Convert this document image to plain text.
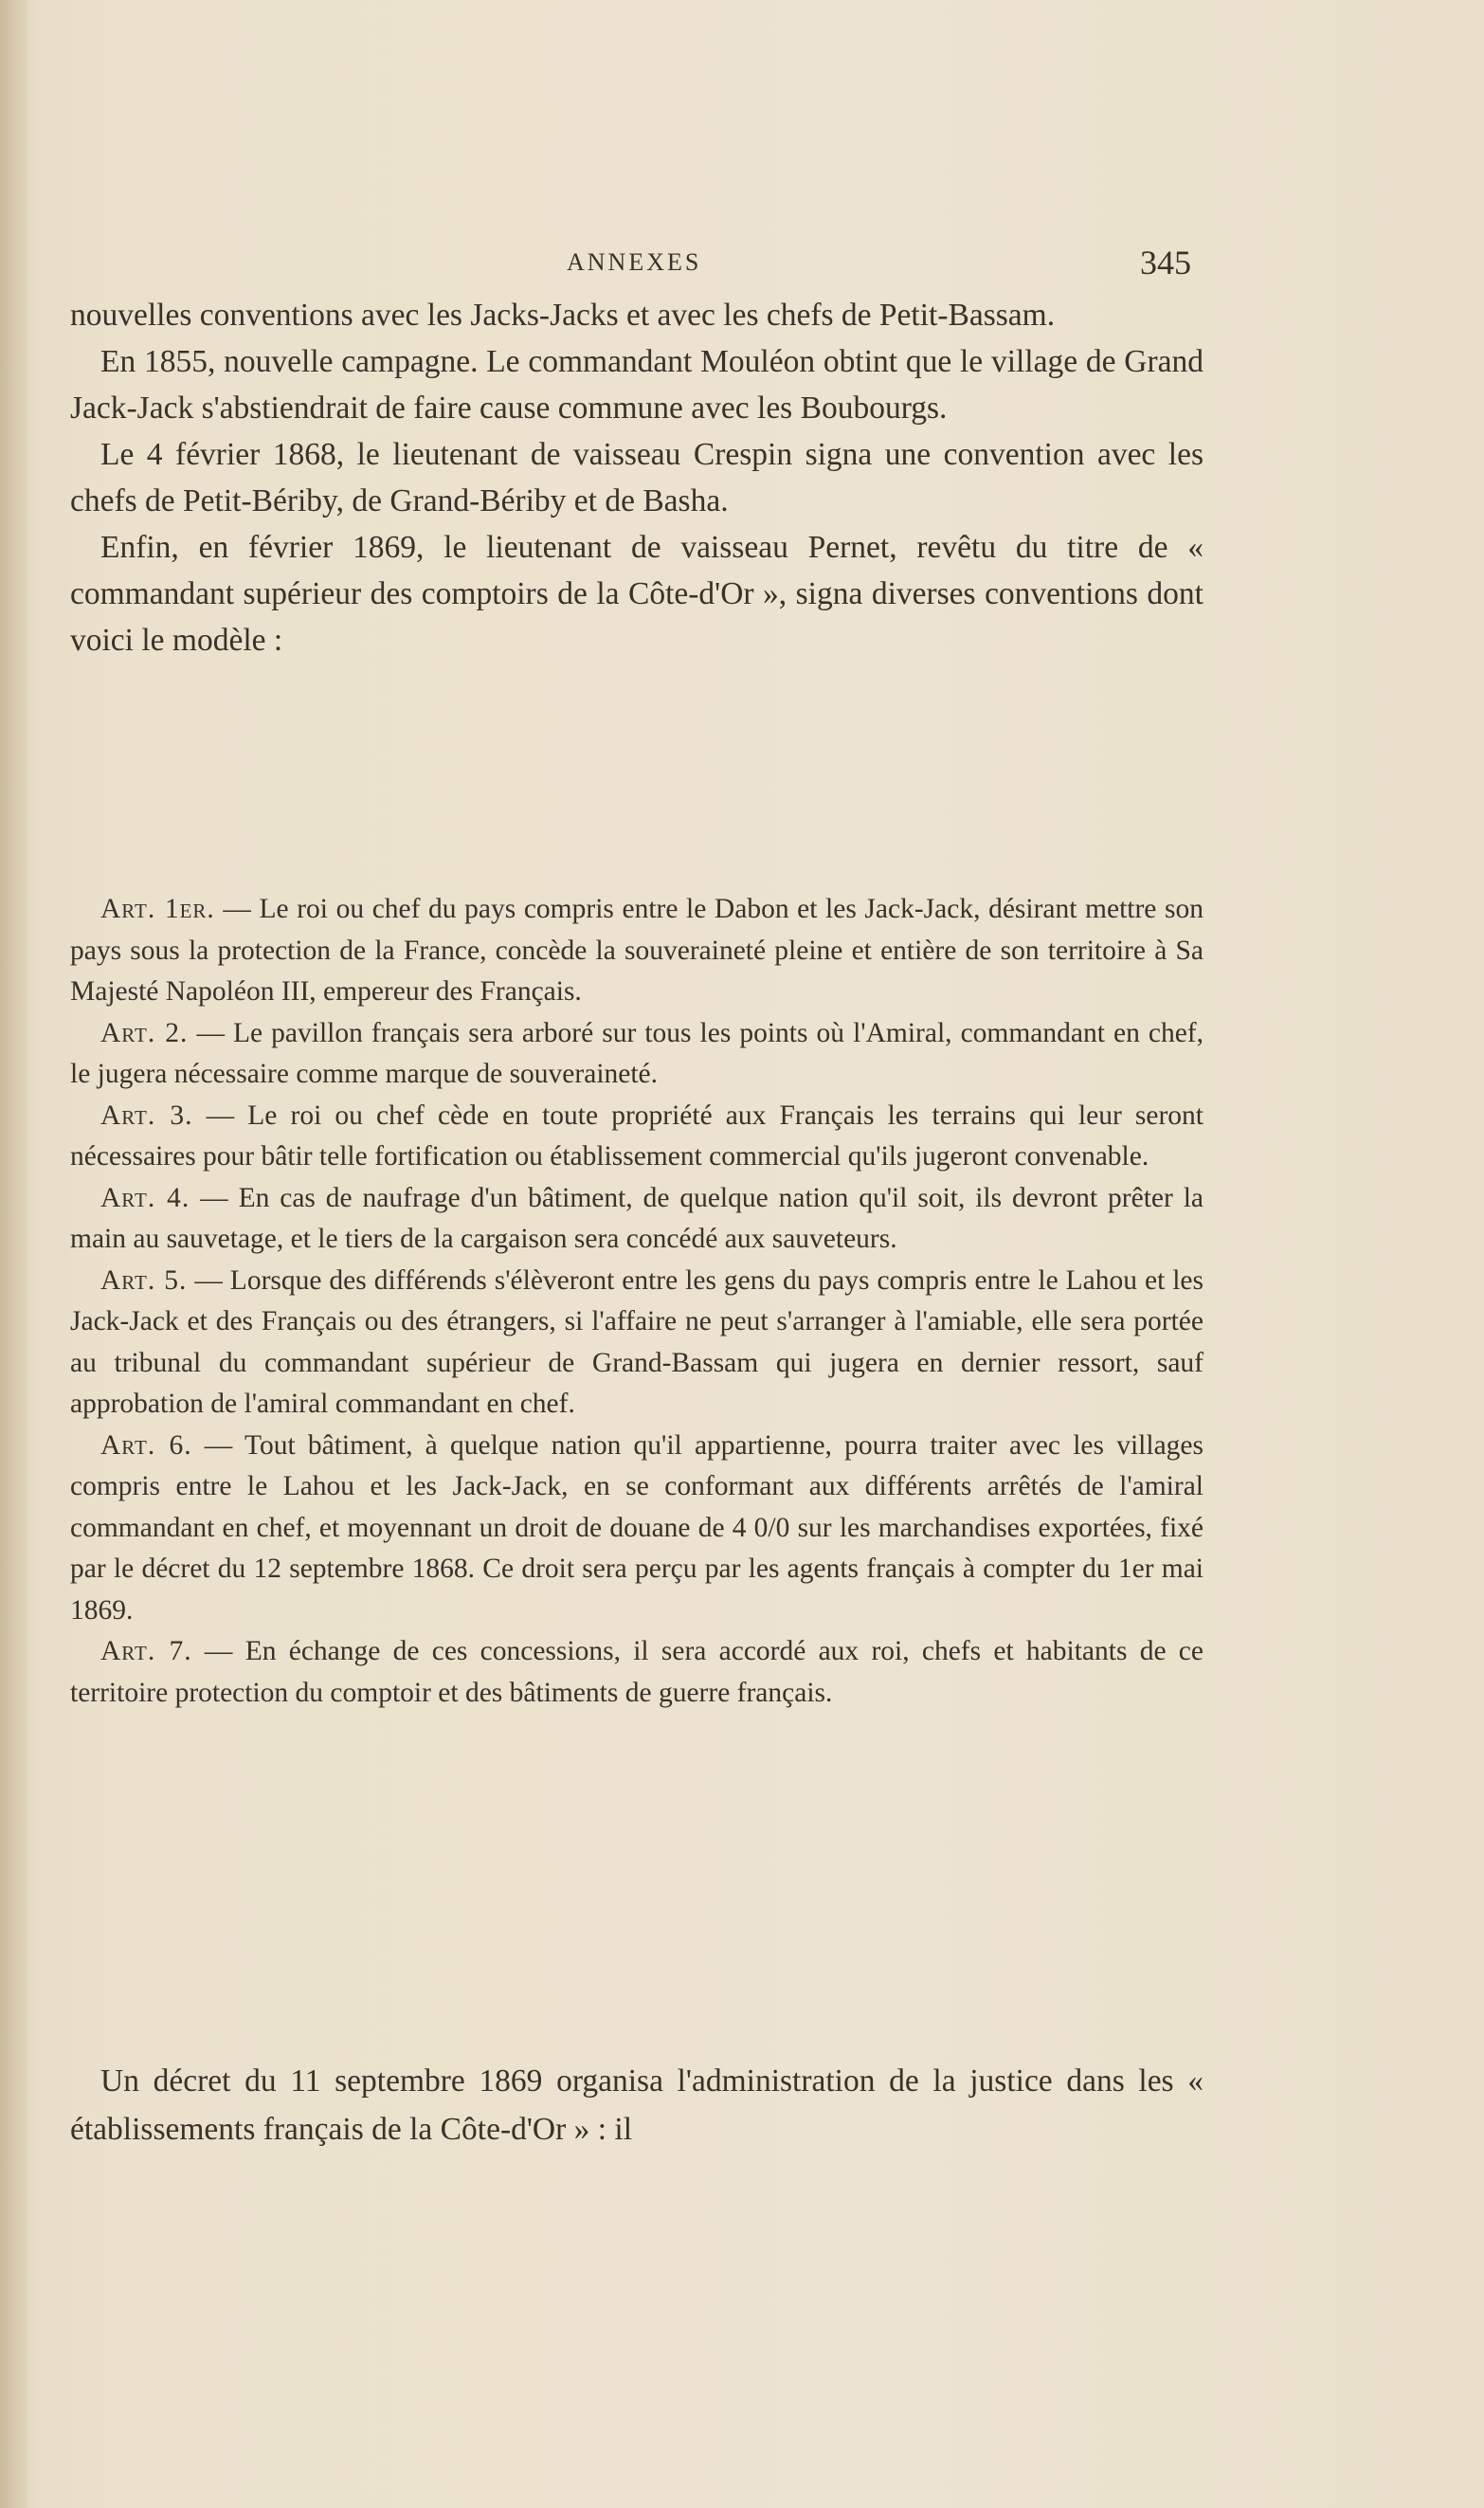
ANNEXES	345

nouvelles conventions avec les Jacks-Jacks et avec les chefs de Petit-Bassam.

En 1855, nouvelle campagne. Le commandant Mouléon obtint que le village de Grand Jack-Jack s'abstiendrait de faire cause commune avec les Boubourgs.

Le 4 février 1868, le lieutenant de vaisseau Crespin signa une convention avec les chefs de Petit-Bériby, de Grand-Bériby et de Basha.

Enfin, en février 1869, le lieutenant de vaisseau Pernet, revêtu du titre de « commandant supérieur des comptoirs de la Côte-d'Or », signa diverses conventions dont voici le modèle :

Art. 1er. — Le roi ou chef du pays compris entre le Dabon et les Jack-Jack, désirant mettre son pays sous la protection de la France, concède la souveraineté pleine et entière de son territoire à Sa Majesté Napoléon III, empereur des Français.

Art. 2. — Le pavillon français sera arboré sur tous les points où l'Amiral, commandant en chef, le jugera nécessaire comme marque de souveraineté.

Art. 3. — Le roi ou chef cède en toute propriété aux Français les terrains qui leur seront nécessaires pour bâtir telle fortification ou établissement commercial qu'ils jugeront convenable.

Art. 4. — En cas de naufrage d'un bâtiment, de quelque nation qu'il soit, ils devront prêter la main au sauvetage, et le tiers de la cargaison sera concédé aux sauveteurs.

Art. 5. — Lorsque des différends s'élèveront entre les gens du pays compris entre le Lahou et les Jack-Jack et des Français ou des étrangers, si l'affaire ne peut s'arranger à l'amiable, elle sera portée au tribunal du commandant supérieur de Grand-Bassam qui jugera en dernier ressort, sauf approbation de l'amiral commandant en chef.

Art. 6. — Tout bâtiment, à quelque nation qu'il appartienne, pourra traiter avec les villages compris entre le Lahou et les Jack-Jack, en se conformant aux différents arrêtés de l'amiral commandant en chef, et moyennant un droit de douane de 4 0/0 sur les marchandises exportées, fixé par le décret du 12 septembre 1868. Ce droit sera perçu par les agents français à compter du 1er mai 1869.

Art. 7. — En échange de ces concessions, il sera accordé aux roi, chefs et habitants de ce territoire protection du comptoir et des bâtiments de guerre français.

Un décret du 11 septembre 1869 organisa l'administration de la justice dans les « établissements français de la Côte-d'Or » : il
